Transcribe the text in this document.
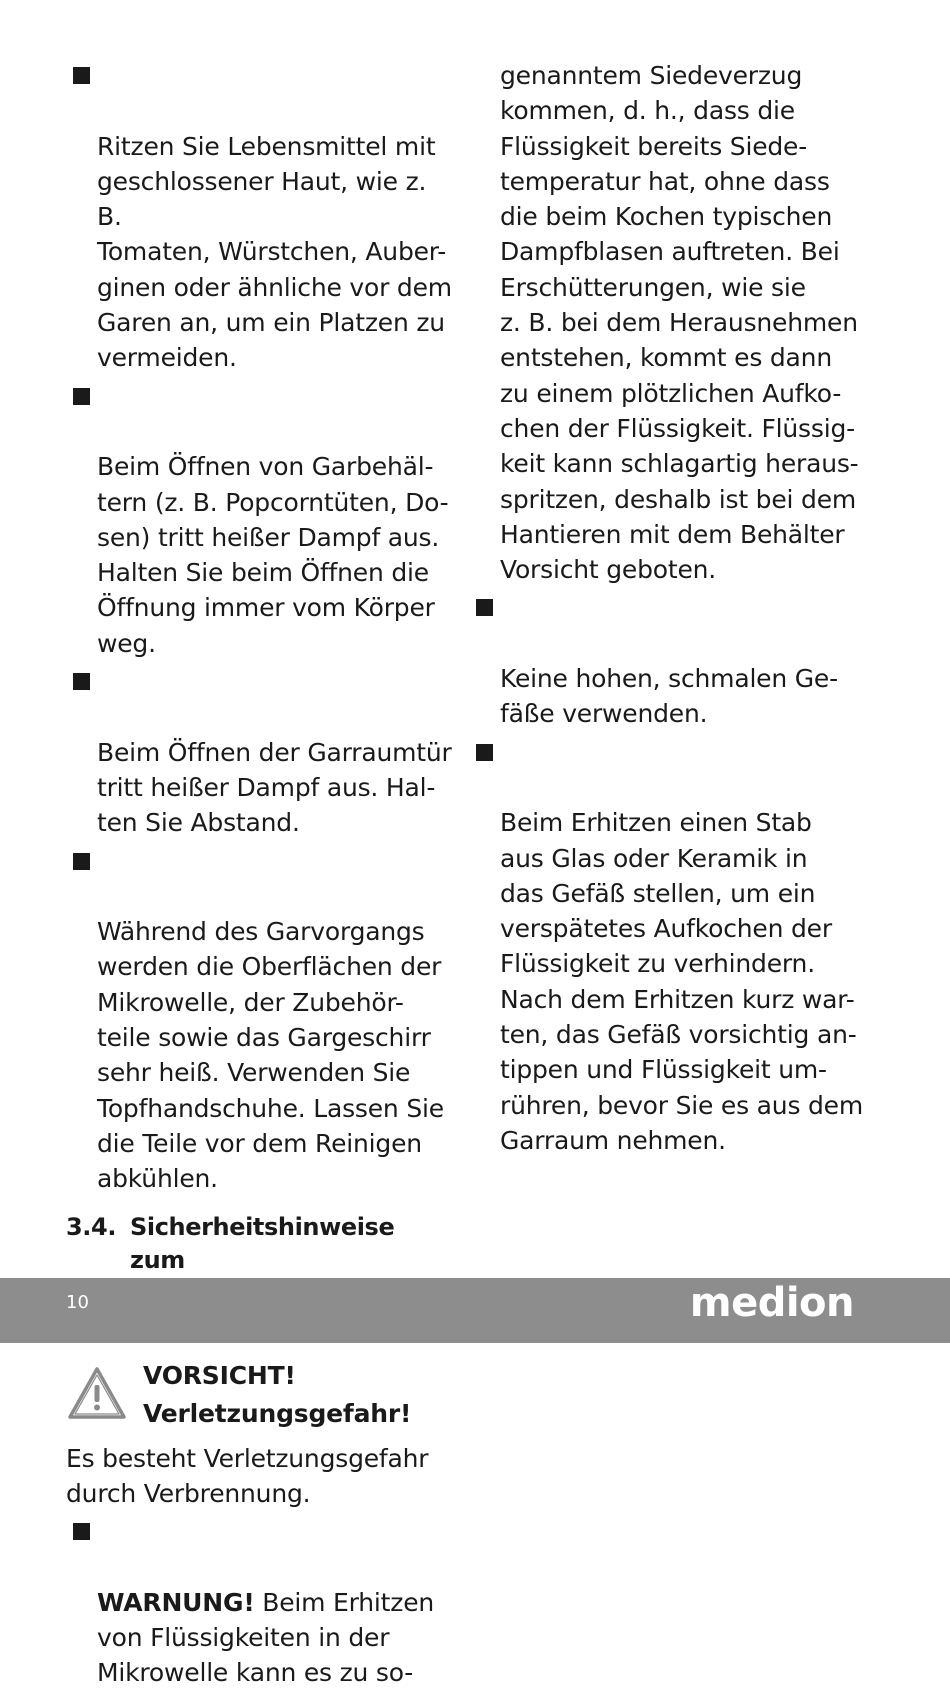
Ritzen Sie Lebensmittel mit
geschlossener Haut, wie z. B.
Tomaten, Würstchen, Auber-
ginen oder ähnliche vor dem
Garen an, um ein Platzen zu
vermeiden.

Beim Öffnen von Garbehäl-
tern (z. B. Popcorntüten, Do-
sen) tritt heißer Dampf aus.
Halten Sie beim Öffnen die
Öffnung immer vom Körper
weg.

Beim Öffnen der Garraumtür
tritt heißer Dampf aus. Hal-
ten Sie Abstand.

Während des Garvorgangs
werden die Oberflächen der
Mikrowelle, der Zubehör-
teile sowie das Gargeschirr
sehr heiß. Verwenden Sie
Topfhandschuhe. Lassen Sie
die Teile vor dem Reinigen
abkühlen.

3.4. Sicherheitshinweise zum

VORSICHT!
Verletzungsgefahr!
Es besteht Verletzungsgefahr
durch Verbrennung.

WARNUNG! Beim Erhitzen
von Flüssigkeiten in der
Mikrowelle kann es zu so-

genanntem Siedeverzug
kommen, d. h., dass die
Flüssigkeit bereits Siede-
temperatur hat, ohne dass
die beim Kochen typischen
Dampfblasen auftreten. Bei
Erschütterungen, wie sie
z. B. bei dem Herausnehmen
entstehen, kommt es dann
zu einem plötzlichen Aufko-
chen der Flüssigkeit. Flüssig-
keit kann schlagartig heraus-
spritzen, deshalb ist bei dem
Hantieren mit dem Behälter
Vorsicht geboten.

Keine hohen, schmalen Ge-
fäße verwenden.

Beim Erhitzen einen Stab
aus Glas oder Keramik in
das Gefäß stellen, um ein
verspätetes Aufkochen der
Flüssigkeit zu verhindern.
Nach dem Erhitzen kurz war-
ten, das Gefäß vorsichtig an-
tippen und Flüssigkeit um-
rühren, bevor Sie es aus dem
Garraum nehmen.

10	medion
